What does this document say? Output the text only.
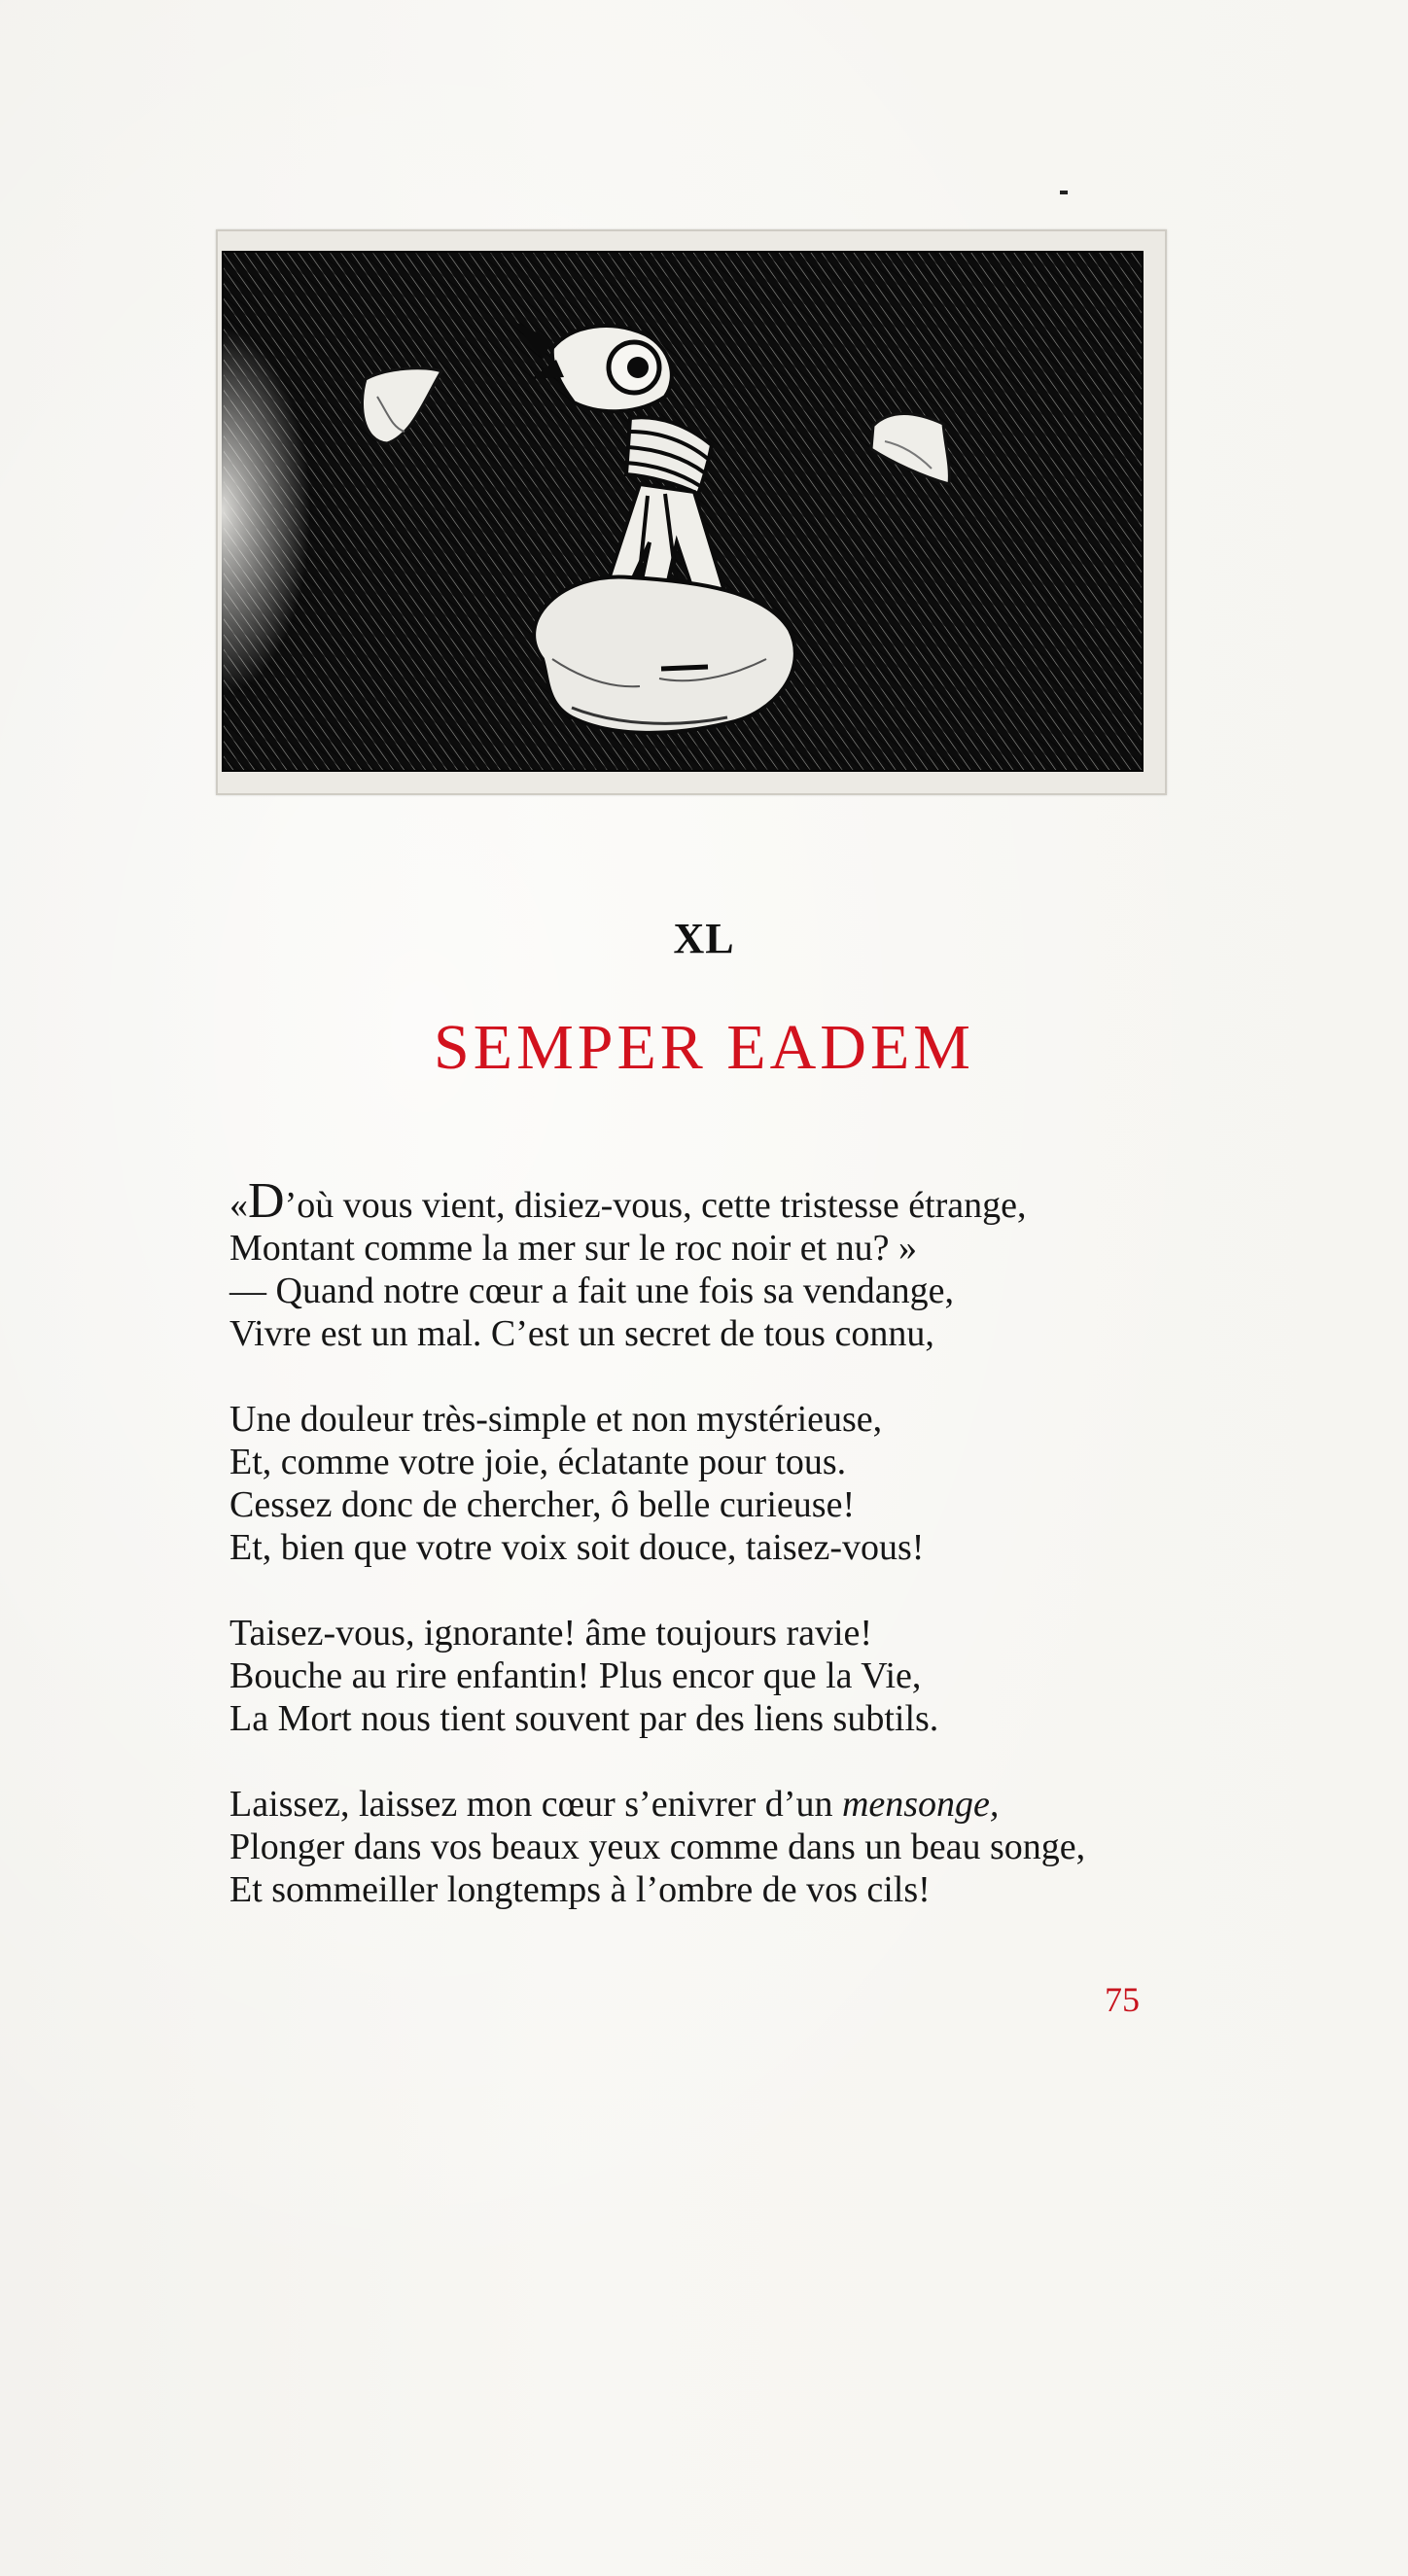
XL
SEMPER EADEM
«D’où vous vient, disiez-vous, cette tristesse étrange,
Montant comme la mer sur le roc noir et nu? »
— Quand notre cœur a fait une fois sa vendange,
Vivre est un mal. C’est un secret de tous connu,
Une douleur très-simple et non mystérieuse,
Et, comme votre joie, éclatante pour tous.
Cessez donc de chercher, ô belle curieuse!
Et, bien que votre voix soit douce, taisez-vous!
Taisez-vous, ignorante! âme toujours ravie!
Bouche au rire enfantin! Plus encor que la Vie,
La Mort nous tient souvent par des liens subtils.
Laissez, laissez mon cœur s’enivrer d’un mensonge,
Plonger dans vos beaux yeux comme dans un beau songe,
Et sommeiller longtemps à l’ombre de vos cils!
75
